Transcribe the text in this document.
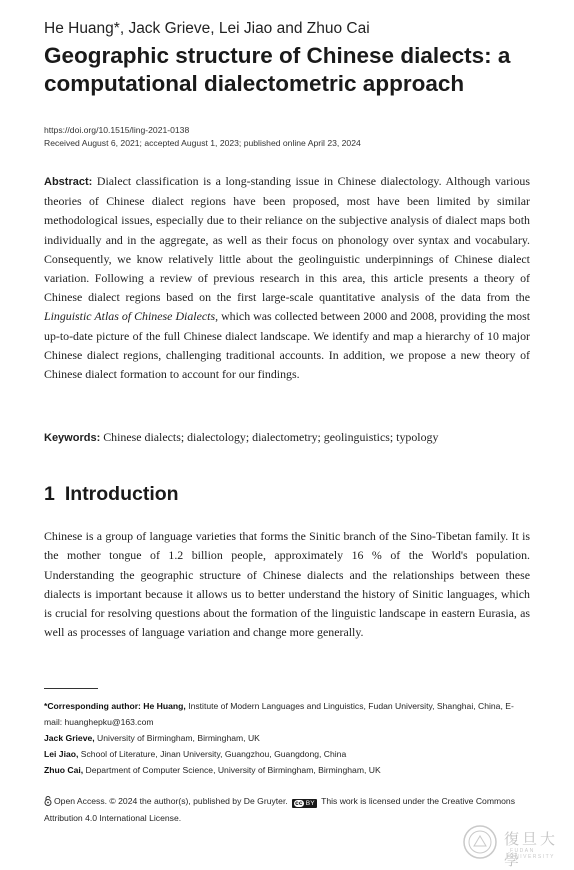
He Huang*, Jack Grieve, Lei Jiao and Zhuo Cai
Geographic structure of Chinese dialects: a
computational dialectometric approach
https://doi.org/10.1515/ling-2021-0138
Received August 6, 2021; accepted August 1, 2023; published online April 23, 2024

Abstract: Dialect classification is a long-standing issue in Chinese dialectology. Although various theories of Chinese dialect regions have been proposed, most have been limited by similar methodological issues, especially due to their reliance on the subjective analysis of dialect maps both individually and in the aggregate, as well as their focus on phonology over syntax and vocabulary. Consequently, we know relatively little about the geolinguistic underpinnings of Chinese dialect variation. Following a review of previous research in this area, this article presents a theory of Chinese dialect regions based on the first large-scale quantitative analysis of the data from the Linguistic Atlas of Chinese Dialects, which was collected between 2000 and 2008, providing the most up-to-date picture of the full Chinese dialect landscape. We identify and map a hierarchy of 10 major Chinese dialect regions, challenging traditional accounts. In addition, we propose a new theory of Chinese dialect formation to account for our findings.

Keywords: Chinese dialects; dialectology; dialectometry; geolinguistics; typology
1 Introduction

Chinese is a group of language varieties that forms the Sinitic branch of the Sino-Tibetan family. It is the mother tongue of 1.2 billion people, approximately 16 % of the World's population. Understanding the geographic structure of Chinese dialects and the relationships between these dialects is important because it allows us to better understand the history of Sinitic languages, which is crucial for resolving questions about the formation of the linguistic landscape in eastern Eurasia, as well as processes of language variation and change more generally.

*Corresponding author: He Huang, Institute of Modern Languages and Linguistics, Fudan University, Shanghai, China, E-mail: huanghepku@163.com
Jack Grieve, University of Birmingham, Birmingham, UK
Lei Jiao, School of Literature, Jinan University, Guangzhou, Guangdong, China
Zhuo Cai, Department of Computer Science, University of Birmingham, Birmingham, UK
Open Access. © 2024 the author(s), published by De Gruyter. cc BY This work is licensed under the Creative Commons Attribution 4.0 International License.
復旦大學
FUDAN UNIVERSITY
